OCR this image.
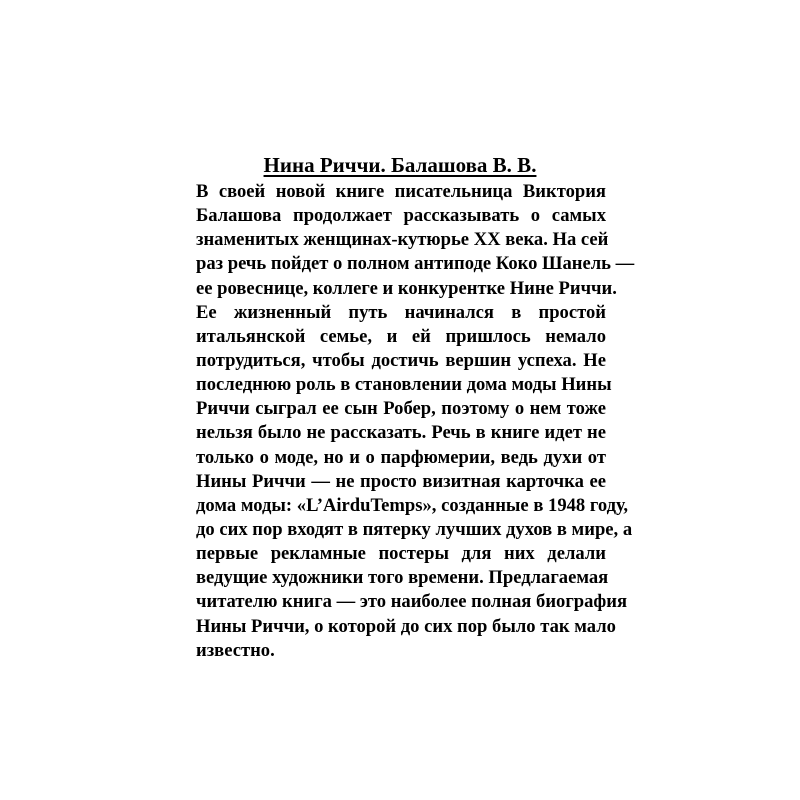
Нина Риччи. Балашова В. В.
В своей новой книге писательница Виктория
Балашова продолжает рассказывать о самых
знаменитых женщинах-кутюрье XX века. На сей
раз речь пойдет о полном антиподе Коко Шанель —
ее ровеснице, коллеге и конкурентке Нине Риччи.
Ее жизненный путь начинался в простой
итальянской семье, и ей пришлось немало
потрудиться, чтобы достичь вершин успеха. Не
последнюю роль в становлении дома моды Нины
Риччи сыграл ее сын Робер, поэтому о нем тоже
нельзя было не рассказать. Речь в книге идет не
только о моде, но и о парфюмерии, ведь духи от
Нины Риччи — не просто визитная карточка ее
дома моды: «L’AirduTemps», созданные в 1948 году,
до сих пор входят в пятерку лучших духов в мире, а
первые рекламные постеры для них делали
ведущие художники того времени. Предлагаемая
читателю книга — это наиболее полная биография
Нины Риччи, о которой до сих пор было так мало
известно.
